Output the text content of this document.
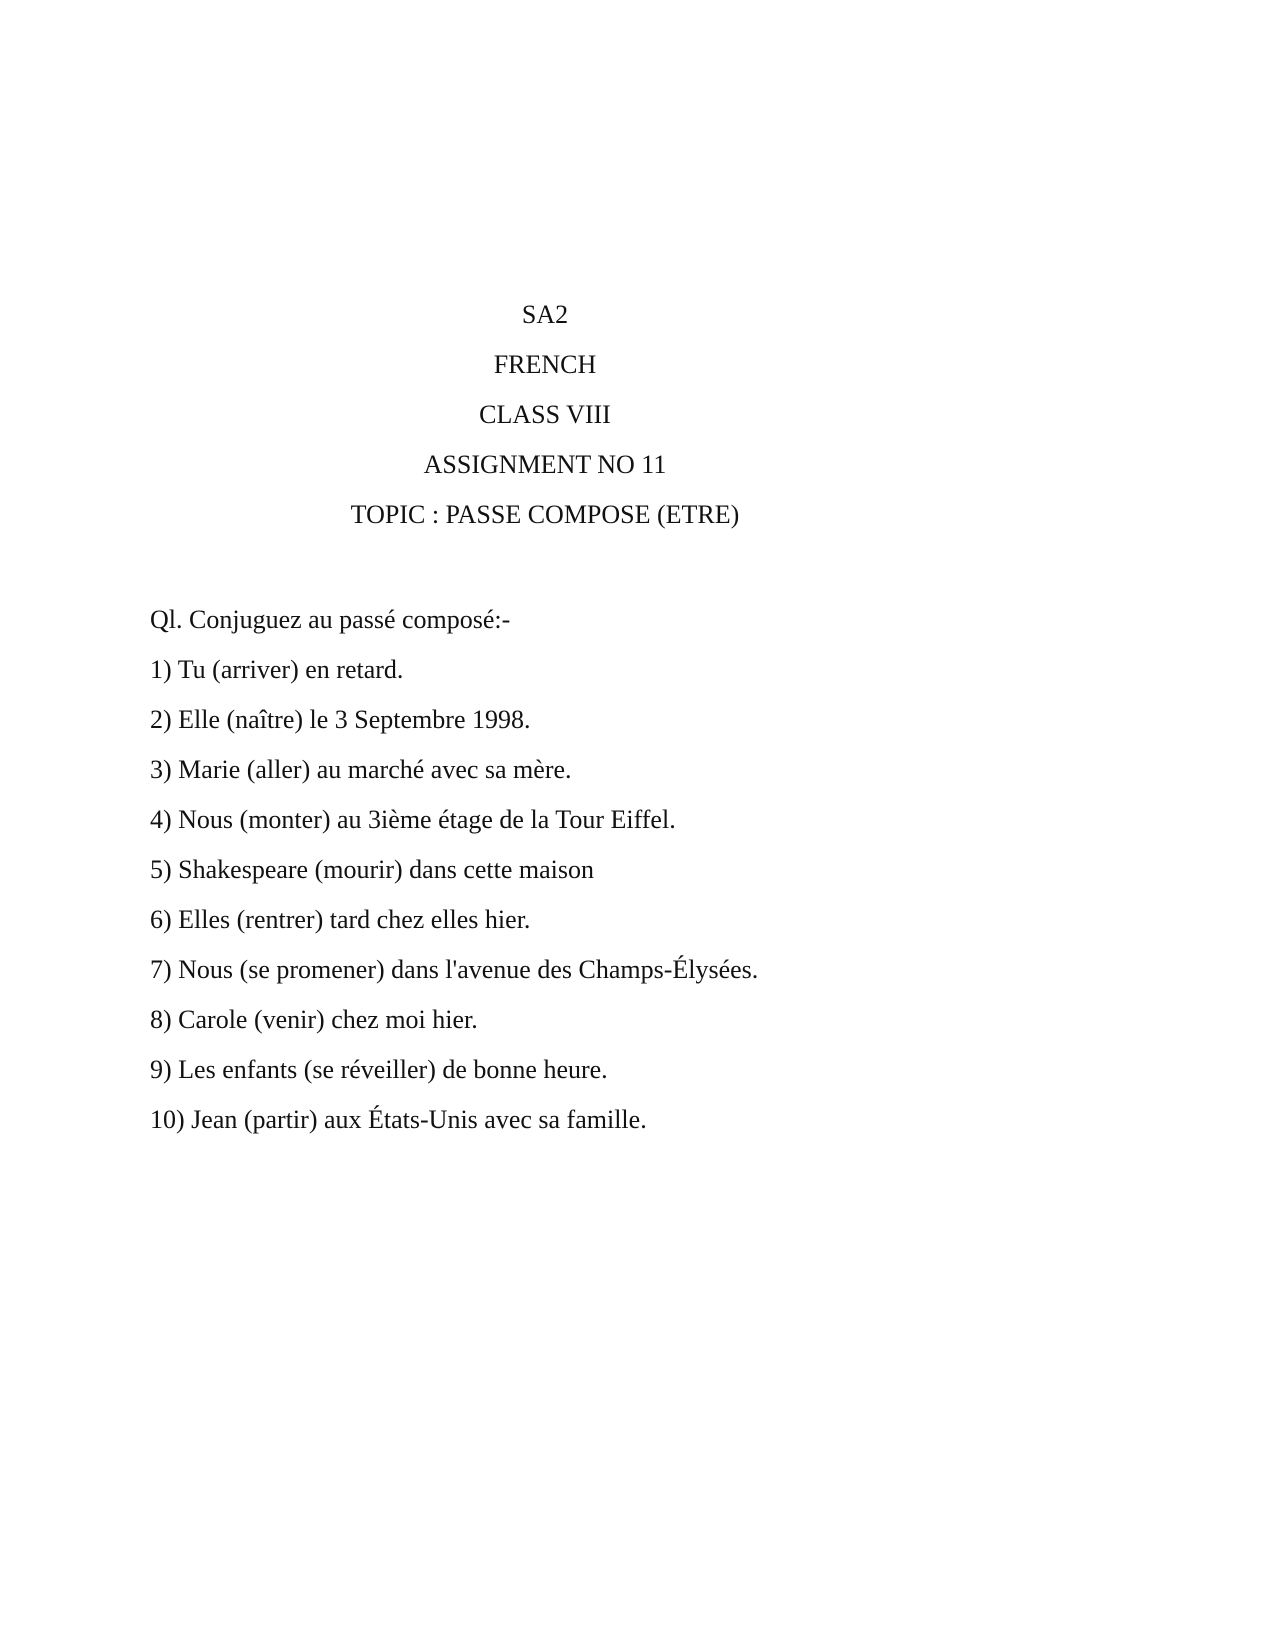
SA2
FRENCH
CLASS VIII
ASSIGNMENT NO 11
TOPIC : PASSE COMPOSE (ETRE)
Ql. Conjuguez au passé composé:-
1) Tu (arriver) en retard.
2) Elle (naître) le 3 Septembre 1998.
3) Marie (aller) au marché avec sa mère.
4) Nous (monter) au 3ième étage de la Tour Eiffel.
5) Shakespeare (mourir) dans cette maison
6) Elles (rentrer) tard chez elles hier.
7) Nous (se promener) dans l'avenue des Champs-Élysées.
8) Carole (venir) chez moi hier.
9) Les enfants (se réveiller) de bonne heure.
10) Jean (partir) aux États-Unis avec sa famille.
